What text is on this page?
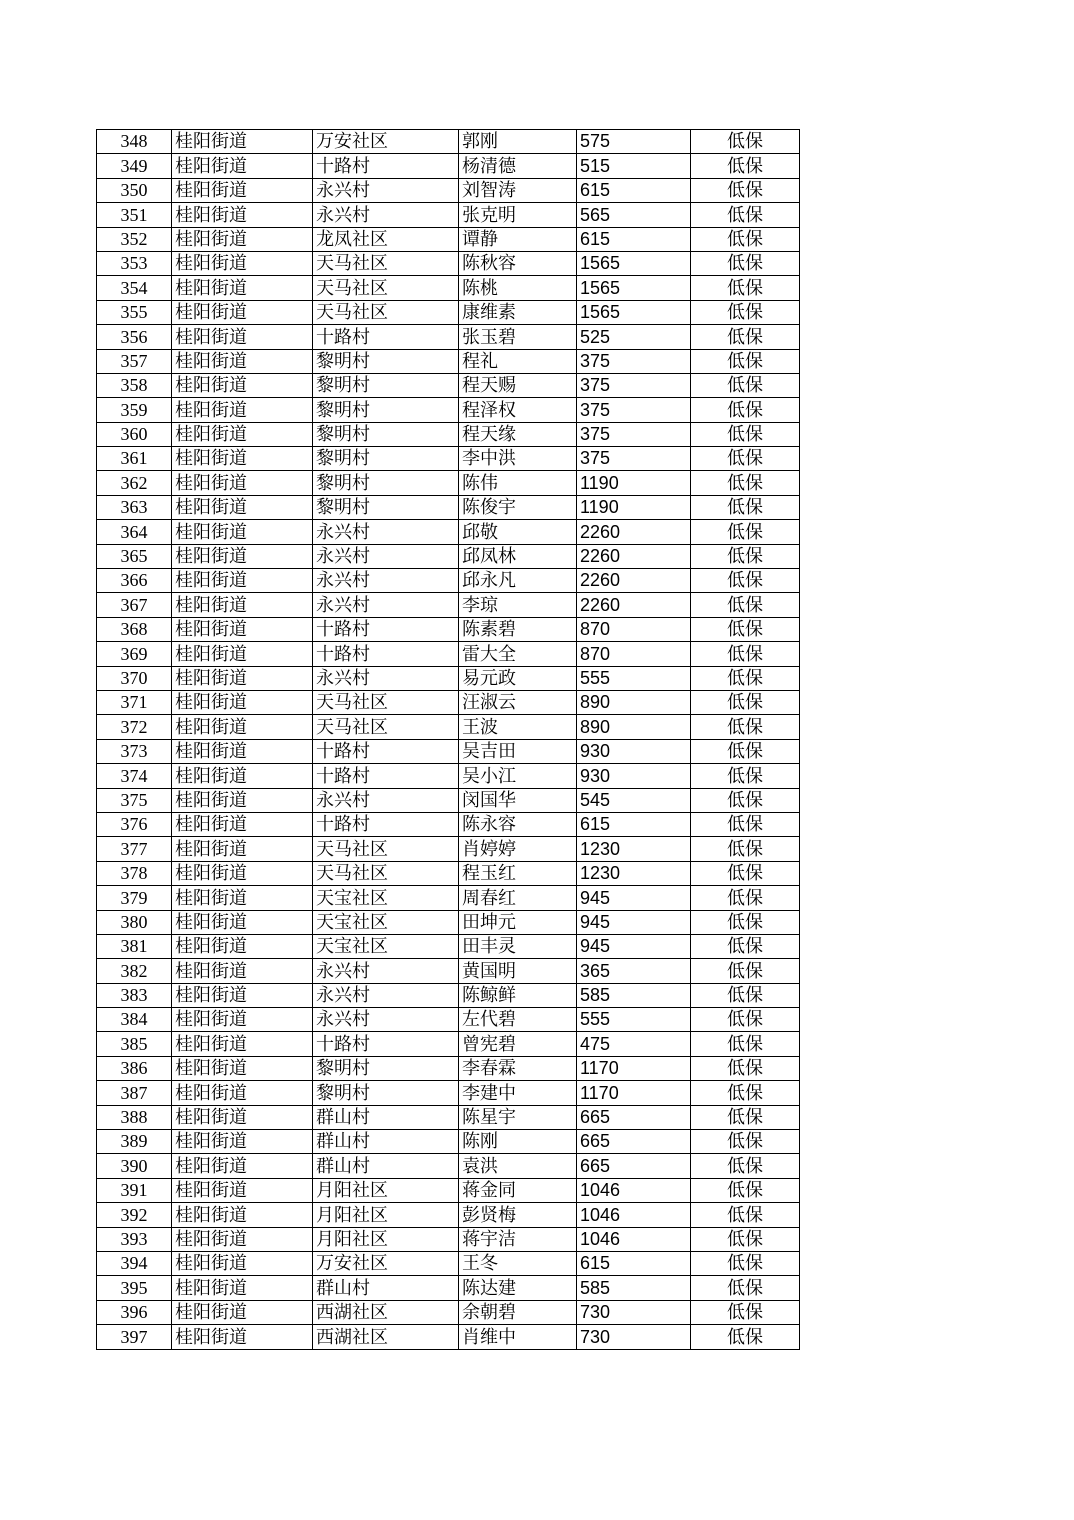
348	桂阳街道	万安社区	郭刚	575	低保
349	桂阳街道	十路村	杨清德	515	低保
350	桂阳街道	永兴村	刘智涛	615	低保
351	桂阳街道	永兴村	张克明	565	低保
352	桂阳街道	龙凤社区	谭静	615	低保
353	桂阳街道	天马社区	陈秋容	1565	低保
354	桂阳街道	天马社区	陈桃	1565	低保
355	桂阳街道	天马社区	康维素	1565	低保
356	桂阳街道	十路村	张玉碧	525	低保
357	桂阳街道	黎明村	程礼	375	低保
358	桂阳街道	黎明村	程天赐	375	低保
359	桂阳街道	黎明村	程泽权	375	低保
360	桂阳街道	黎明村	程天缘	375	低保
361	桂阳街道	黎明村	李中洪	375	低保
362	桂阳街道	黎明村	陈伟	1190	低保
363	桂阳街道	黎明村	陈俊宇	1190	低保
364	桂阳街道	永兴村	邱敬	2260	低保
365	桂阳街道	永兴村	邱凤林	2260	低保
366	桂阳街道	永兴村	邱永凡	2260	低保
367	桂阳街道	永兴村	李琼	2260	低保
368	桂阳街道	十路村	陈素碧	870	低保
369	桂阳街道	十路村	雷大全	870	低保
370	桂阳街道	永兴村	易元政	555	低保
371	桂阳街道	天马社区	汪淑云	890	低保
372	桂阳街道	天马社区	王波	890	低保
373	桂阳街道	十路村	吴吉田	930	低保
374	桂阳街道	十路村	吴小江	930	低保
375	桂阳街道	永兴村	闵国华	545	低保
376	桂阳街道	十路村	陈永容	615	低保
377	桂阳街道	天马社区	肖婷婷	1230	低保
378	桂阳街道	天马社区	程玉红	1230	低保
379	桂阳街道	天宝社区	周春红	945	低保
380	桂阳街道	天宝社区	田坤元	945	低保
381	桂阳街道	天宝社区	田丰灵	945	低保
382	桂阳街道	永兴村	黄国明	365	低保
383	桂阳街道	永兴村	陈鲸鲜	585	低保
384	桂阳街道	永兴村	左代碧	555	低保
385	桂阳街道	十路村	曾宪碧	475	低保
386	桂阳街道	黎明村	李春霖	1170	低保
387	桂阳街道	黎明村	李建中	1170	低保
388	桂阳街道	群山村	陈星宇	665	低保
389	桂阳街道	群山村	陈刚	665	低保
390	桂阳街道	群山村	袁洪	665	低保
391	桂阳街道	月阳社区	蒋金同	1046	低保
392	桂阳街道	月阳社区	彭贤梅	1046	低保
393	桂阳街道	月阳社区	蒋宇洁	1046	低保
394	桂阳街道	万安社区	王冬	615	低保
395	桂阳街道	群山村	陈达建	585	低保
396	桂阳街道	西湖社区	余朝碧	730	低保
397	桂阳街道	西湖社区	肖维中	730	低保
